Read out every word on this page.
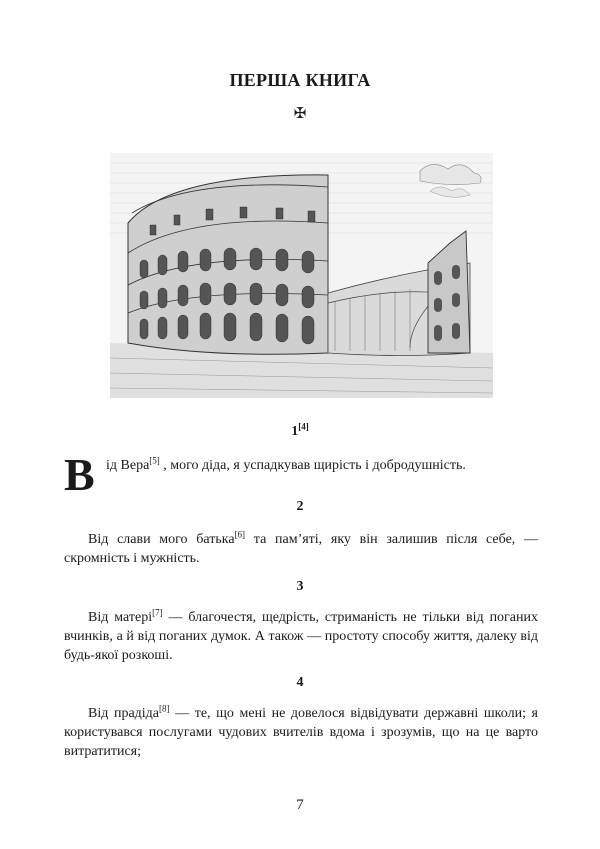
ПЕРША КНИГА
✠
1[4]
В ід Вера[5] , мого діда, я успадкував щирість і добродушність.
2
Від слави мого батька[6] та пам’яті, яку він залишив після себе, — скромність і мужність.
3
Від матері[7] — благочестя, щедрість, стриманість не тільки від поганих вчинків, а й від поганих думок. А також — простоту способу життя, далеку від будь-якої розкоші.
4
Від прадіда[8] — те, що мені не довелося відвідувати державні школи; я користувався послугами чудових вчителів вдома і зрозумів, що на це варто витратитися;
7
